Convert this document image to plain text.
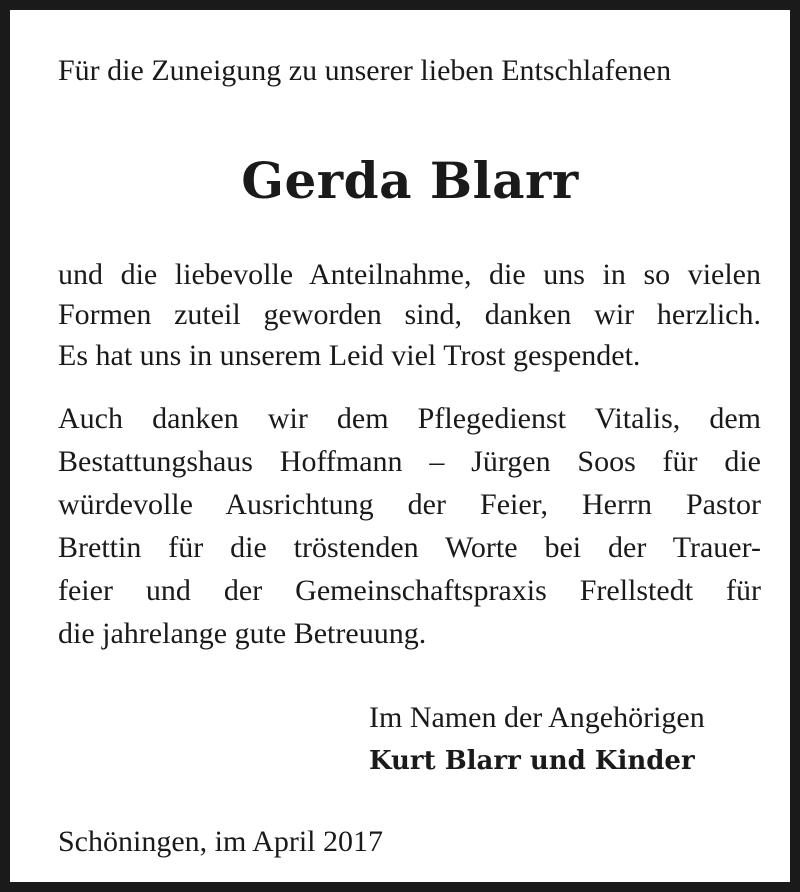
Für die Zuneigung zu unserer lieben Entschlafenen

Gerda Blarr

und die liebevolle Anteilnahme, die uns in so vielen

Formen zuteil geworden sind, danken wir herzlich.

Es hat uns in unserem Leid viel Trost gespendet.

Auch danken wir dem Pflegedienst Vitalis, dem

Bestattungshaus Hoffmann – Jürgen Soos für die

würdevolle Ausrichtung der Feier, Herrn Pastor

Brettin für die tröstenden Worte bei der Trauer-

feier und der Gemeinschaftspraxis Frellstedt für

die jahrelange gute Betreuung.

Im Namen der Angehörigen

Kurt Blarr und Kinder

Schöningen, im April 2017
